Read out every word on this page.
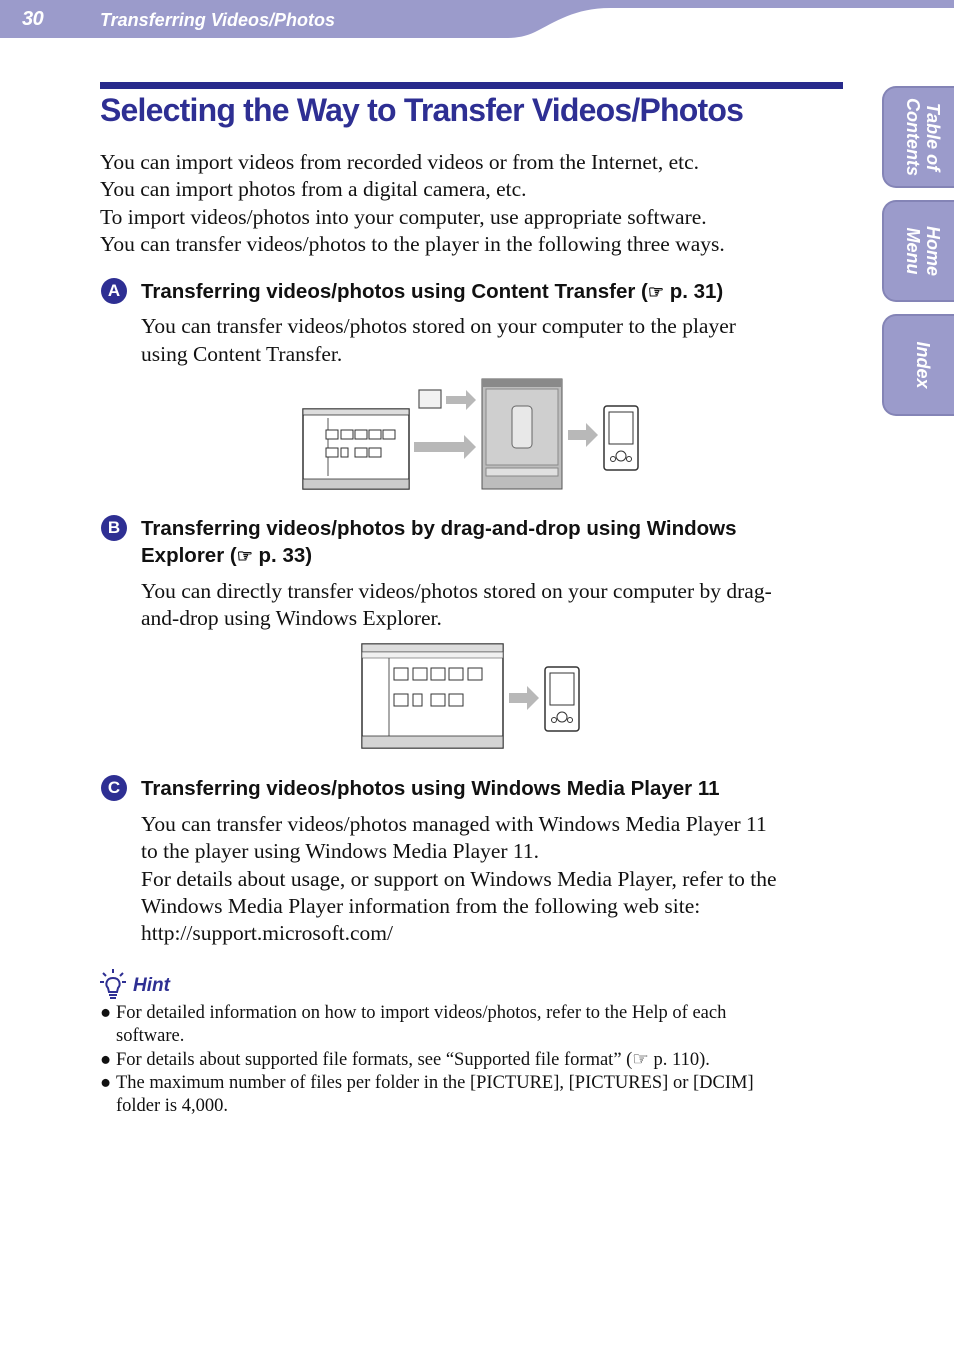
30	Transferring Videos/Photos
Table of
Contents
Home
Menu
Index
Selecting the Way to Transfer Videos/Photos

You can import videos from recorded videos or from the Internet, etc.

You can import photos from a digital camera, etc.

To import videos/photos into your computer, use appropriate software.

You can transfer videos/photos to the player in the following three ways.

A	Transferring videos/photos using Content Transfer (☞ p. 31)

You can transfer videos/photos stored on your computer to the player

using Content Transfer.

B	Transferring videos/photos by drag-and-drop using Windows
Explorer (☞ p. 33)

You can directly transfer videos/photos stored on your computer by drag-

and-drop using Windows Explorer.

C	Transferring videos/photos using Windows Media Player 11

You can transfer videos/photos managed with Windows Media Player 11

to the player using Windows Media Player 11.

For details about usage, or support on Windows Media Player, refer to the

Windows Media Player information from the following web site:

http://support.microsoft.com/

Hint
● For detailed information on how to import videos/photos, refer to the Help of each
software.
● For details about supported file formats, see “Supported file format” (☞ p. 110).
● The maximum number of files per folder in the [PICTURE], [PICTURES] or [DCIM]
folder is 4,000.
